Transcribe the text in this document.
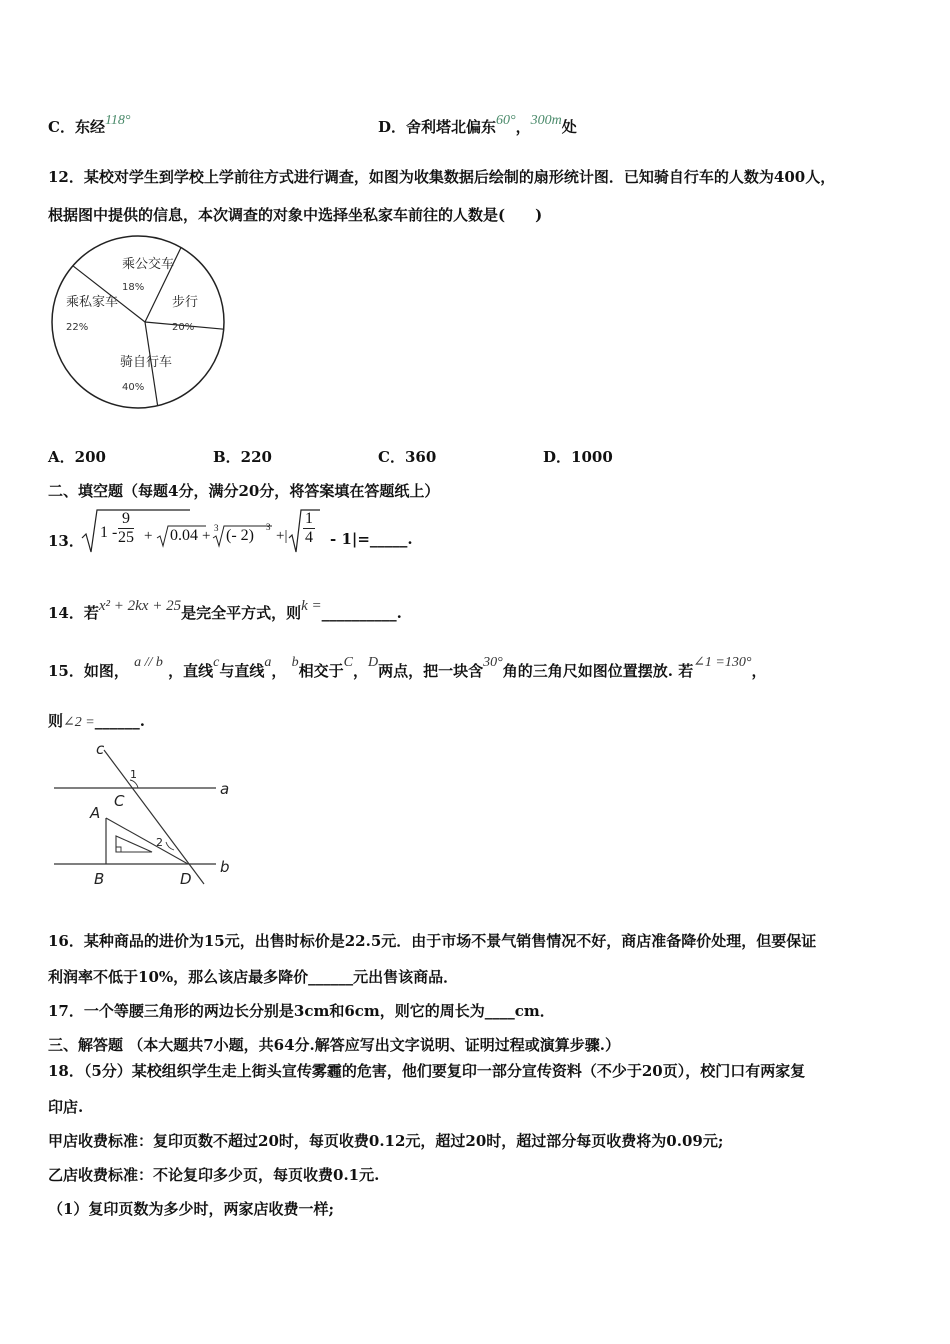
C．东经118°	D．舍利塔北偏东60°，300m处
12．某校对学生到学校上学前往方式进行调查，如图为收集数据后绘制的扇形统计图．已知骑自行车的人数为400人，
根据图中提供的信息，本次调查的对象中选择坐私家车前往的人数是(　　)
乘公交车
18%
步行
20%
骑自行车
40%
乘私家车
22%
A．200	B．220	C．360	D．1000
二、填空题（每题4分，满分20分，将答案填在答题纸上）
13． $1 - \frac{9}{25} + 0.04 + 3$ (- 2) 3
+| $\frac{1}{4}$ - 1|=_____.
14．若x² + 2kx + 25是完全平方式，则k =__________.
15．如图， a // b ，直线c与直线a， b相交于C，D两点，把一块含30°角的三角尺如图位置摆放. 若∠1 =130°，
则∠2 =______.
c
1
C
a
A
2
B	D
b
16．某种商品的进价为15元，出售时标价是22.5元．由于市场不景气销售情况不好，商店准备降价处理，但要保证
利润率不低于10%，那么该店最多降价______元出售该商品．
17．一个等腰三角形的两边长分别是3cm和6cm，则它的周长为____cm．
三、解答题 （本大题共7小题，共64分.解答应写出文字说明、证明过程或演算步骤.）
18．（5分）某校组织学生走上街头宣传雾霾的危害，他们要复印一部分宣传资料（不少于20页），校门口有两家复
印店.
甲店收费标准：复印页数不超过20时，每页收费0.12元，超过20时，超过部分每页收费将为0.09元;
乙店收费标准：不论复印多少页，每页收费0.1元.
（1）复印页数为多少时，两家店收费一样;
